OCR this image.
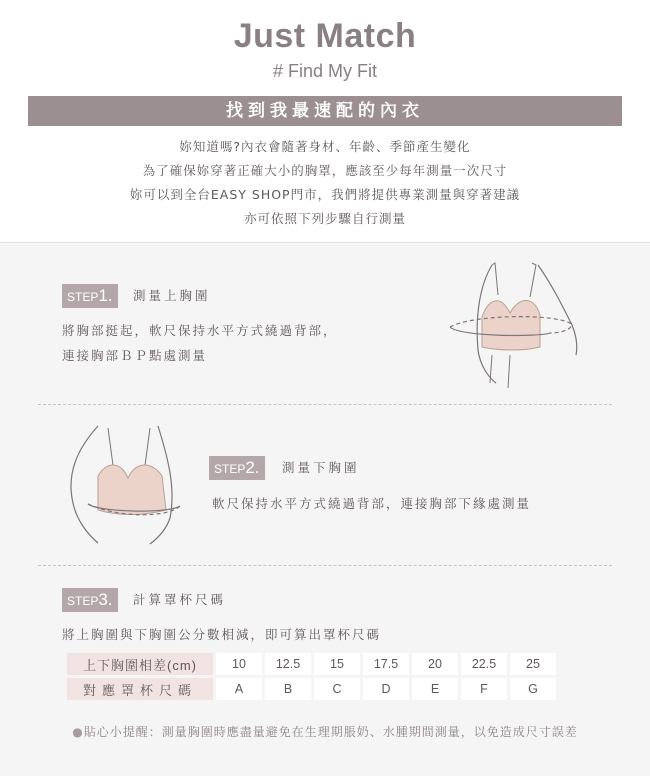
Just Match
# Find My Fit
找到我最速配的內衣
妳知道嗎?內衣會隨著身材、年齡、季節產生變化
為了確保妳穿著正確大小的胸罩，應該至少每年測量一次尺寸
妳可以到全台EASY SHOP門市，我們將提供專業測量與穿著建議
亦可依照下列步驟自行測量
STEP1.	測量上胸圍
將胸部挺起，軟尺保持水平方式繞過背部，
連接胸部ＢＰ點處測量
STEP2.	測量下胸圍
軟尺保持水平方式繞過背部，連接胸部下緣處測量
STEP3.	計算罩杯尺碼
將上胸圍與下胸圍公分數相減，即可算出罩杯尺碼
上下胸圍相差(cm)	10	12.5	15	17.5	20	22.5	25
對應罩杯尺碼	A	B	C	D	E	F	G
●貼心小提醒：測量胸圍時應盡量避免在生理期脹奶、水腫期間測量，以免造成尺寸誤差
